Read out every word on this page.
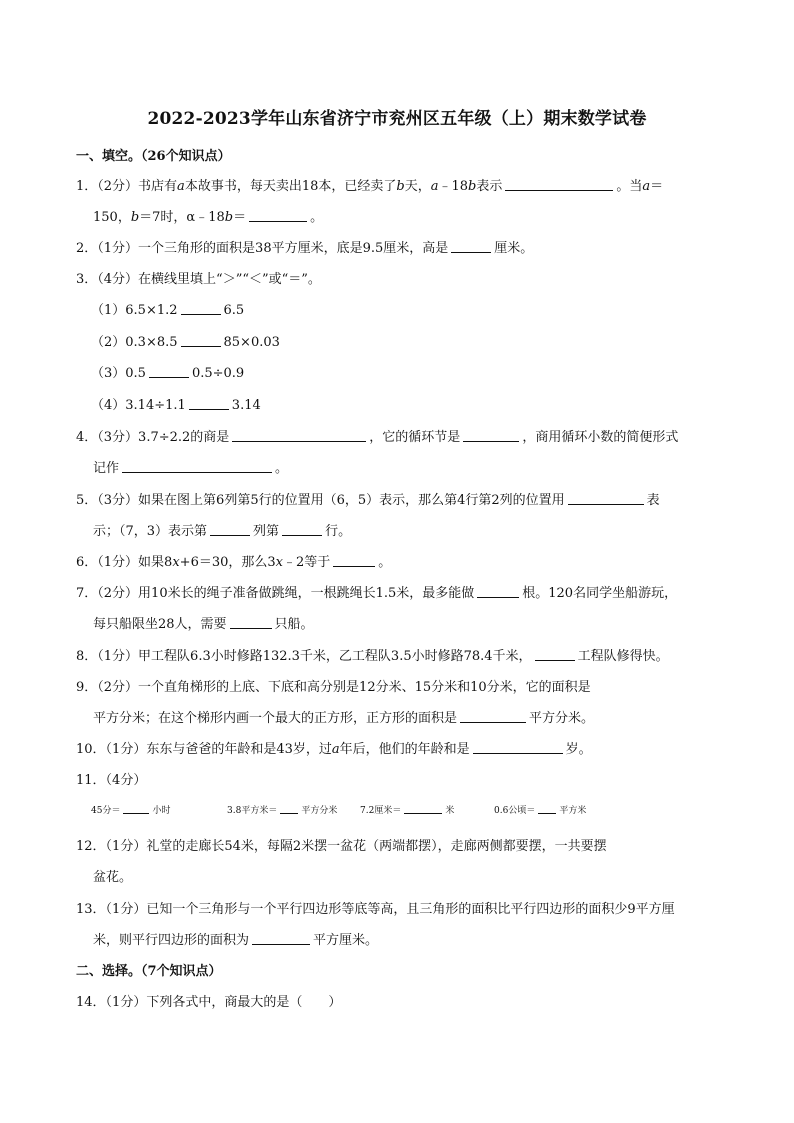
2022-2023学年山东省济宁市兖州区五年级（上）期末数学试卷
一、填空。（26个知识点）
1．（2分）书店有a本故事书，每天卖出18本，已经卖了b天，a﹣18b表示	。当a＝
150，b＝7时，α﹣18b＝	。
2．（1分）一个三角形的面积是38平方厘米，底是9.5厘米，高是	厘米。
3．（4分）在横线里填上“＞”“＜”或“＝”。
（1）6.5×1.2	6.5
（2）0.3×8.5	85×0.03
（3）0.5	0.5÷0.9
（4）3.14÷1.1	3.14
4．（3分）3.7÷2.2的商是	，它的循环节是	，商用循环小数的简便形式
记作	。
5．（3分）如果在图上第6列第5行的位置用（6，5）表示，那么第4行第2列的位置用	表
示；（7，3）表示第	列第	行。
6．（1分）如果8x+6＝30，那么3x﹣2等于	。
7．（2分）用10米长的绳子准备做跳绳，一根跳绳长1.5米，最多能做	根。120名同学坐船游玩，
每只船限坐28人，需要	只船。
8．（1分）甲工程队6.3小时修路132.3千米，乙工程队3.5小时修路78.4千米，	工程队修得快。
9．（2分）一个直角梯形的上底、下底和高分别是12分米、15分米和10分米，它的面积是
平方分米；在这个梯形内画一个最大的正方形，正方形的面积是	平方分米。
10．（1分）东东与爸爸的年龄和是43岁，过a年后，他们的年龄和是	岁。
11．（4分）
45分＝	小时	3.8平方米＝	平方分米	7.2厘米＝	米	0.6公顷＝	平方米
12．（1分）礼堂的走廊长54米，每隔2米摆一盆花（两端都摆），走廊两侧都要摆，一共要摆
盆花。
13．（1分）已知一个三角形与一个平行四边形等底等高，且三角形的面积比平行四边形的面积少9平方厘
米，则平行四边形的面积为	平方厘米。
二、选择。（7个知识点）
14．（1分）下列各式中，商最大的是（　　）
